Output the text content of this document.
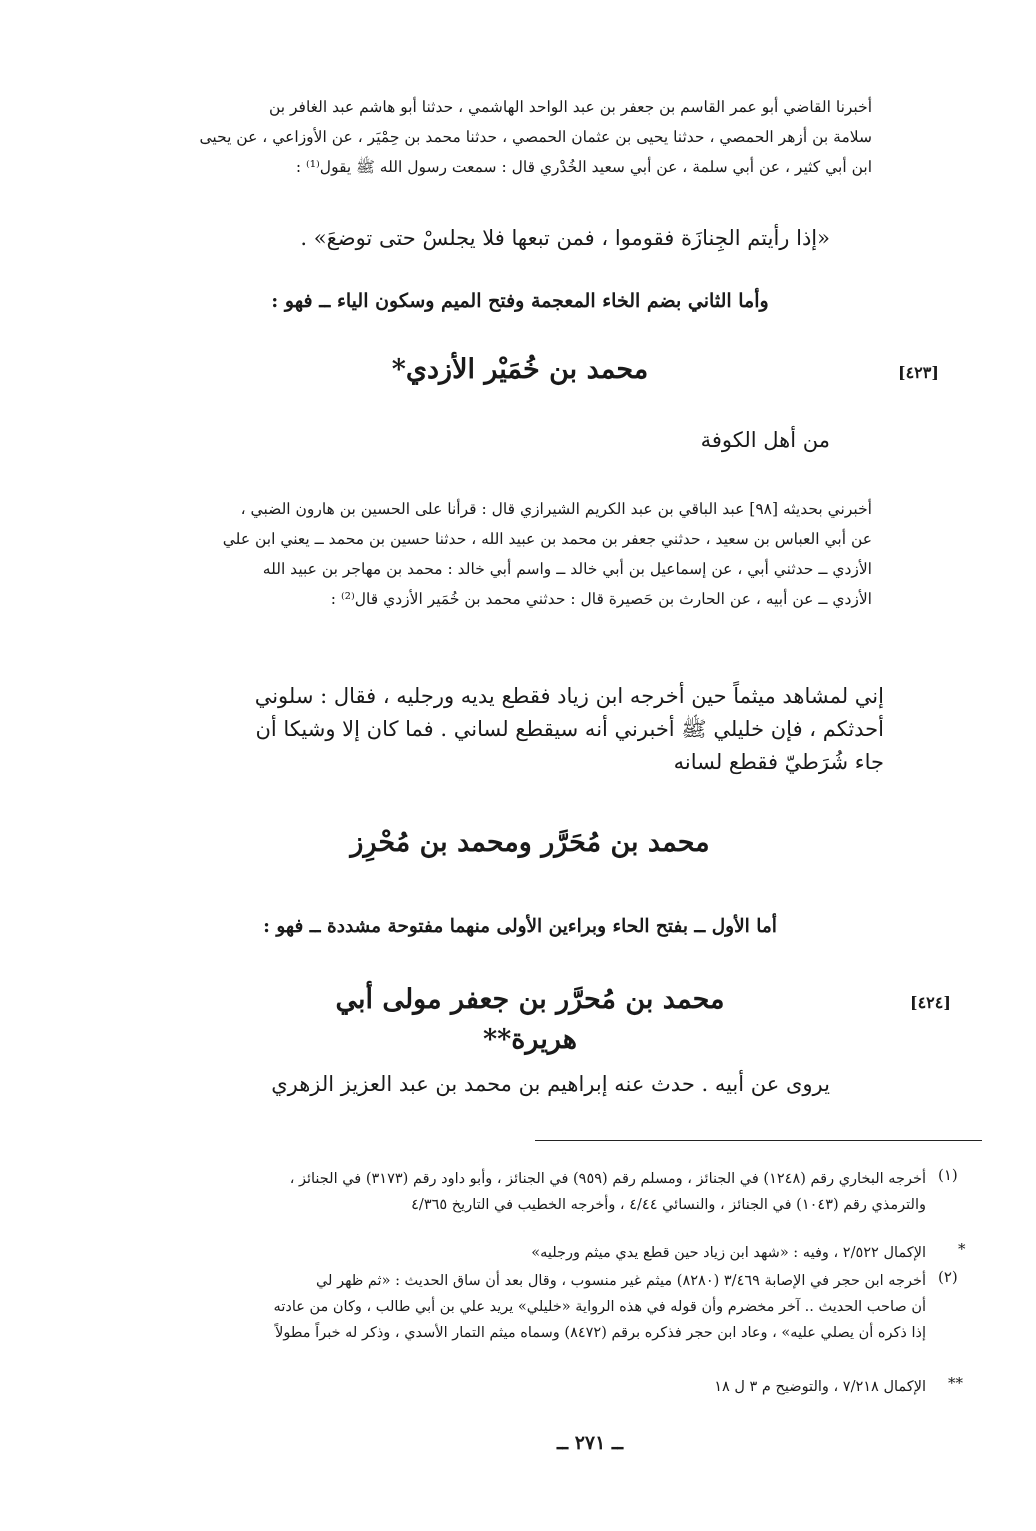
أخبرنا القاضي أبو عمر القاسم بن جعفر بن عبد الواحد الهاشمي ، حدثنا أبو هاشم عبد الغافر بن
سلامة بن أزهر الحمصي ، حدثنا يحيى بن عثمان الحمصي ، حدثنا محمد بن حِمْيَر ، عن الأوزاعي ، عن يحيى
ابن أبي كثير ، عن أبي سلمة ، عن أبي سعيد الخُدْري قال : سمعت رسول الله ﷺ يقول⁽¹⁾ :
«إذا رأيتم الجِنازَة فقوموا ، فمن تبعها فلا يجلسْ حتى توضعَ» .
وأما الثاني بضم الخاء المعجمة وفتح الميم وسكون الياء ــ فهو :
[٤٢٣]
محمد بن خُمَيْر الأزدي*
من أهل الكوفة
أخبرني بحديثه [٩٨] عبد الباقي بن عبد الكريم الشيرازي قال : قرأنا على الحسين بن هارون الضبي ،
عن أبي العباس بن سعيد ، حدثني جعفر بن محمد بن عبيد الله ، حدثنا حسين بن محمد ــ يعني ابن علي
الأزدي ــ حدثني أبي ، عن إسماعيل بن أبي خالد ــ واسم أبي خالد : محمد بن مهاجر بن عبيد الله
الأزدي ــ عن أبيه ، عن الحارث بن حَصيرة قال : حدثني محمد بن خُمَير الأزدي قال⁽²⁾ :
إني لمشاهد ميثماً حين أخرجه ابن زياد فقطع يديه ورجليه ، فقال : سلوني
أحدثكم ، فإن خليلي ﷺ أخبرني أنه سيقطع لساني . فما كان إلا وشيكا أن
جاء شُرَطيّ فقطع لسانه
محمد بن مُحَرَّر ومحمد بن مُحْرِز
أما الأول ــ بفتح الحاء وبراءين الأولى منهما مفتوحة مشددة ــ فهو :
[٤٢٤]
محمد بن مُحرَّر بن جعفر مولى أبي هريرة**
يروى عن أبيه . حدث عنه إبراهيم بن محمد بن عبد العزيز الزهري
(١)
أخرجه البخاري رقم (١٢٤٨) في الجنائز ، ومسلم رقم (٩٥٩) في الجنائز ، وأبو داود رقم (٣١٧٣) في الجنائز ،
والترمذي رقم (١٠٤٣) في الجنائز ، والنسائي ٤/٤٤ ، وأخرجه الخطيب في التاريخ ٤/٣٦٥
*
الإكمال ٢/٥٢٢ ، وفيه : «شهد ابن زياد حين قطع يدي ميثم ورجليه»
(٢)
أخرجه ابن حجر في الإصابة ٣/٤٦٩ (٨٢٨٠) ميثم غير منسوب ، وقال بعد أن ساق الحديث : «ثم ظهر لي
أن صاحب الحديث .. آخر مخضرم وأن قوله في هذه الرواية «خليلي» يريد علي بن أبي طالب ، وكان من عادته
إذا ذكره أن يصلي عليه» ، وعاد ابن حجر فذكره برقم (٨٤٧٢) وسماه ميثم التمار الأسدي ، وذكر له خبراً مطولاً
**
الإكمال ٧/٢١٨ ، والتوضيح م ٣ ل ١٨
ــ ٢٧١ ــ
